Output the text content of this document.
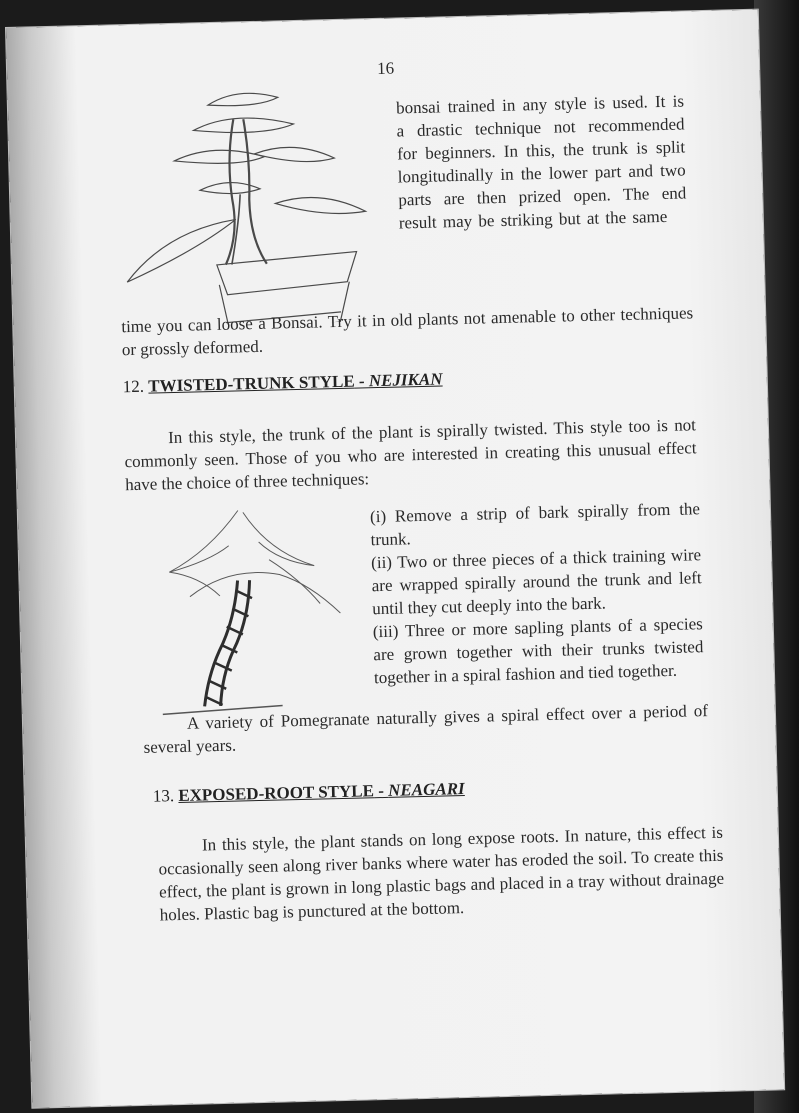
16
bonsai trained in any style is used. It is a drastic technique not recommended for beginners. In this, the trunk is split longitudinally in the lower part and two parts are then prized open. The end result may be striking but at the same
time you can loose a Bonsai. Try it in old plants not amenable to other techniques or grossly deformed.
12. TWISTED-TRUNK STYLE - NEJIKAN
In this style, the trunk of the plant is spirally twisted. This style too is not commonly seen. Those of you who are interested in creating this unusual effect have the choice of three techniques:
(i) Remove a strip of bark spirally from the trunk.
(ii) Two or three pieces of a thick training wire are wrapped spirally around the trunk and left until they cut deeply into the bark.
(iii) Three or more sapling plants of a species are grown together with their trunks twisted together in a spiral fashion and tied together.
A variety of Pomegranate naturally gives a spiral effect over a period of several years.
13. EXPOSED-ROOT STYLE - NEAGARI
In this style, the plant stands on long expose roots. In nature, this effect is occasionally seen along river banks where water has eroded the soil. To create this effect, the plant is grown in long plastic bags and placed in a tray without drainage holes. Plastic bag is punctured at the bottom.
